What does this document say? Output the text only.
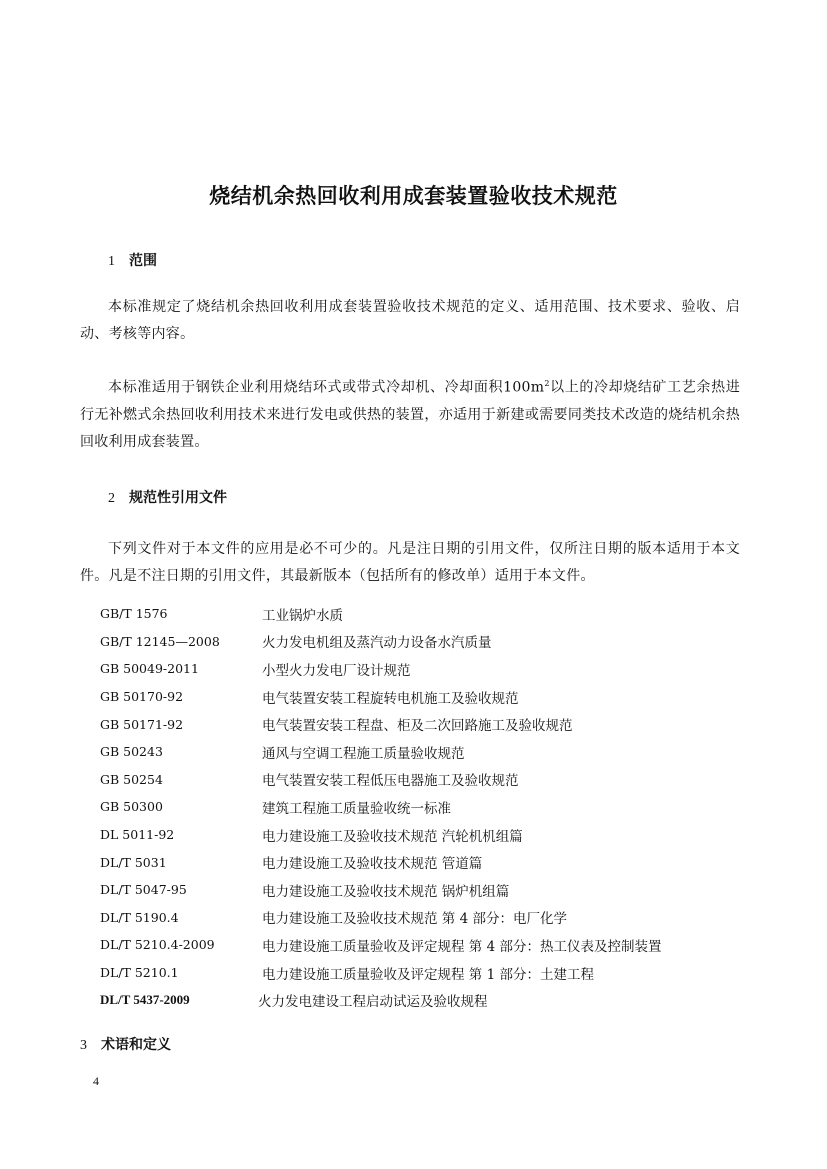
烧结机余热回收利用成套装置验收技术规范
1 范围
本标准规定了烧结机余热回收利用成套装置验收技术规范的定义、适用范围、技术要求、验收、启动、考核等内容。
本标准适用于钢铁企业利用烧结环式或带式冷却机、冷却面积$100m^2$以上的冷却烧结矿工艺余热进行无补燃式余热回收利用技术来进行发电或供热的装置，亦适用于新建或需要同类技术改造的烧结机余热回收利用成套装置。
2 规范性引用文件
下列文件对于本文件的应用是必不可少的。凡是注日期的引用文件，仅所注日期的版本适用于本文件。凡是不注日期的引用文件，其最新版本（包括所有的修改单）适用于本文件。
GB/T 1576	工业锅炉水质
GB/T 12145—2008	火力发电机组及蒸汽动力设备水汽质量
GB 50049-2011	小型火力发电厂设计规范
GB 50170-92	电气装置安装工程旋转电机施工及验收规范
GB 50171-92	电气装置安装工程盘、柜及二次回路施工及验收规范
GB 50243	通风与空调工程施工质量验收规范
GB 50254	电气装置安装工程低压电器施工及验收规范
GB 50300	建筑工程施工质量验收统一标准
DL 5011-92	电力建设施工及验收技术规范 汽轮机机组篇
DL/T 5031	电力建设施工及验收技术规范 管道篇
DL/T 5047-95	电力建设施工及验收技术规范 锅炉机组篇
DL/T 5190.4	电力建设施工及验收技术规范 第 4 部分：电厂化学
DL/T 5210.4-2009	电力建设施工质量验收及评定规程 第 4 部分：热工仪表及控制装置
DL/T 5210.1	电力建设施工质量验收及评定规程 第 1 部分：土建工程
DL/T 5437-2009	火力发电建设工程启动试运及验收规程
3 术语和定义
4
